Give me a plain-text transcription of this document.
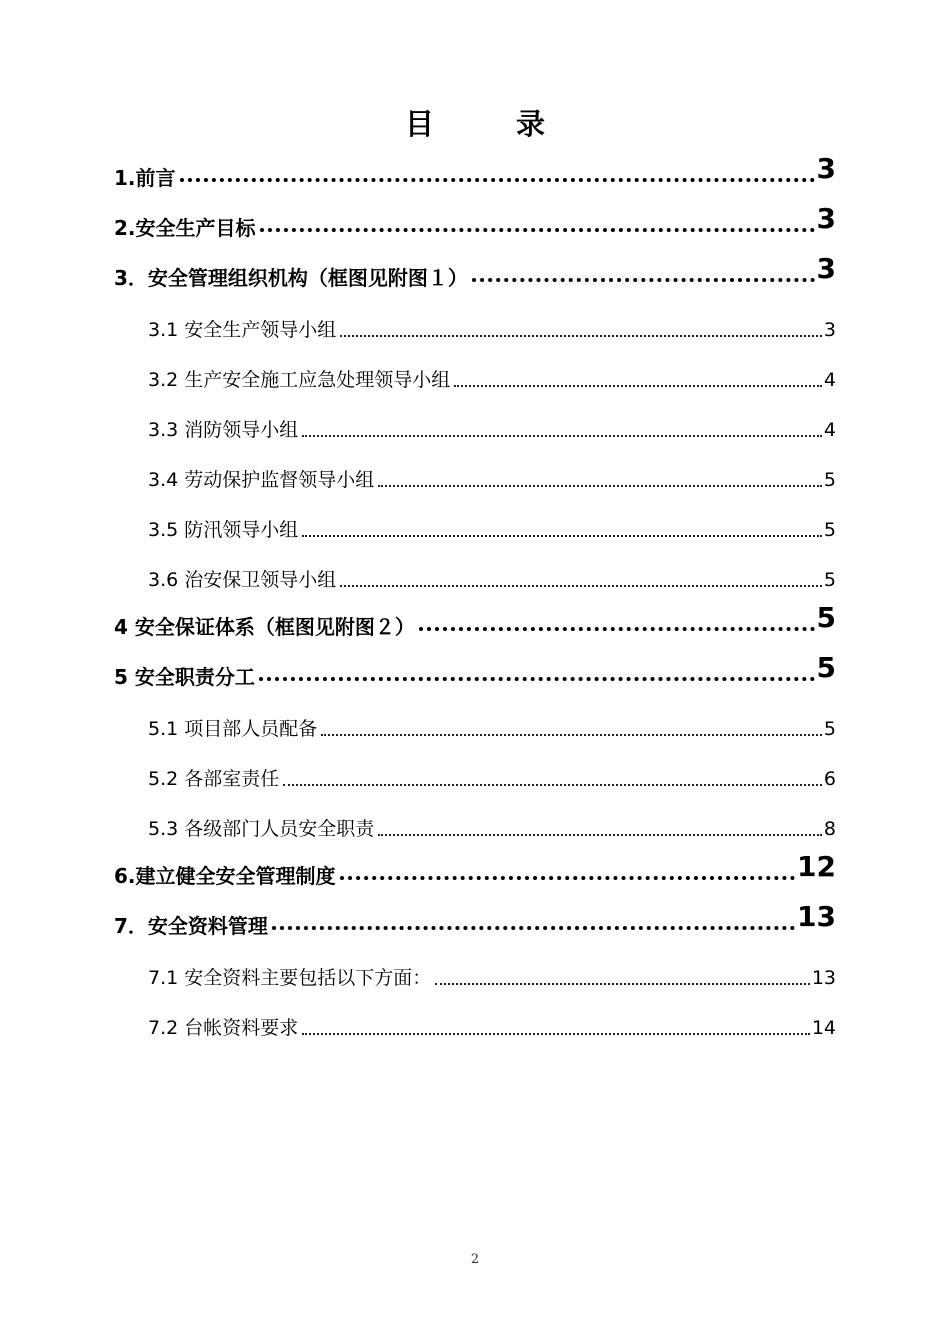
目 录
1.前言	3
2.安全生产目标	3
3．安全管理组织机构（框图见附图１）	3
3.1 安全生产领导小组	3
3.2 生产安全施工应急处理领导小组	4
3.3 消防领导小组	4
3.4 劳动保护监督领导小组	5
3.5 防汛领导小组	5
3.6 治安保卫领导小组	5
4 安全保证体系（框图见附图２）	5
5 安全职责分工	5
5.1 项目部人员配备	5
5.2 各部室责任	6
5.3 各级部门人员安全职责	8
6.建立健全安全管理制度	12
7．安全资料管理	13
7.1 安全资料主要包括以下方面：	13
7.2 台帐资料要求	14
2
